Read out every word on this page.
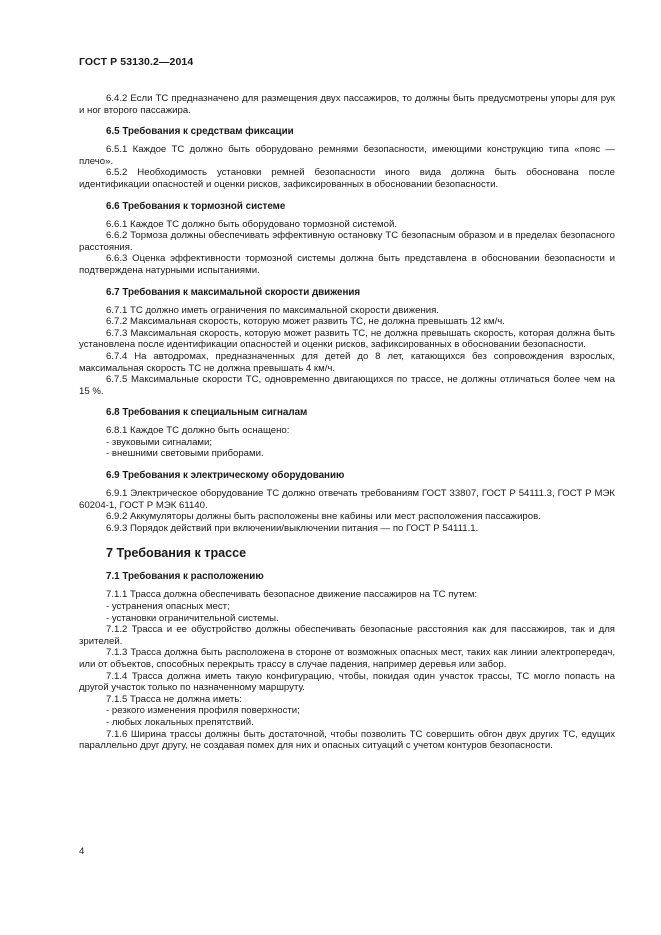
ГОСТ Р 53130.2—2014

6.4.2 Если ТС предназначено для размещения двух пассажиров, то должны быть предусмотрены упоры для рук и ног второго пассажира.

6.5 Требования к средствам фиксации

6.5.1 Каждое ТС должно быть оборудовано ремнями безопасности, имеющими конструкцию типа «пояс — плечо».

6.5.2 Необходимость установки ремней безопасности иного вида должна быть обоснована после идентификации опасностей и оценки рисков, зафиксированных в обосновании безопасности.

6.6 Требования к тормозной системе

6.6.1 Каждое ТС должно быть оборудовано тормозной системой.

6.6.2 Тормоза должны обеспечивать эффективную остановку ТС безопасным образом и в пределах безопасного расстояния.

6.6.3 Оценка эффективности тормозной системы должна быть представлена в обосновании безопасности и подтверждена натурными испытаниями.

6.7 Требования к максимальной скорости движения

6.7.1 ТС должно иметь ограничения по максимальной скорости движения.

6.7.2 Максимальная скорость, которую может развить ТС, не должна превышать 12 км/ч.

6.7.3 Максимальная скорость, которую может развить ТС, не должна превышать скорость, которая должна быть установлена после идентификации опасностей и оценки рисков, зафиксированных в обосновании безопасности.

6.7.4 На автодромах, предназначенных для детей до 8 лет, катающихся без сопровождения взрослых, максимальная скорость ТС не должна превышать 4 км/ч.

6.7.5 Максимальные скорости ТС, одновременно двигающихся по трассе, не должны отличаться более чем на 15 %.

6.8 Требования к специальным сигналам

6.8.1 Каждое ТС должно быть оснащено:

- звуковыми сигналами;

- внешними световыми приборами.

6.9 Требования к электрическому оборудованию

6.9.1 Электрическое оборудование ТС должно отвечать требованиям ГОСТ 33807, ГОСТ Р 54111.3, ГОСТ Р МЭК 60204-1, ГОСТ Р МЭК 61140.

6.9.2 Аккумуляторы должны быть расположены вне кабины или мест расположения пассажиров.

6.9.3 Порядок действий при включении/выключении питания — по ГОСТ Р 54111.1.

7 Требования к трассе
7.1 Требования к расположению

7.1.1 Трасса должна обеспечивать безопасное движение пассажиров на ТС путем:

- устранения опасных мест;

- установки ограничительной системы.

7.1.2 Трасса и ее обустройство должны обеспечивать безопасные расстояния как для пассажиров, так и для зрителей.

7.1.3 Трасса должна быть расположена в стороне от возможных опасных мест, таких как линии электропередач, или от объектов, способных перекрыть трассу в случае падения, например деревья или забор.

7.1.4 Трасса должна иметь такую конфигурацию, чтобы, покидая один участок трассы, ТС могло попасть на другой участок только по назначенному маршруту.

7.1.5 Трасса не должна иметь:

- резкого изменения профиля поверхности;

- любых локальных препятствий.

7.1.6 Ширина трассы должны быть достаточной, чтобы позволить ТС совершить обгон двух других ТС, едущих параллельно друг другу, не создавая помех для них и опасных ситуаций с учетом контуров безопасности.

4
